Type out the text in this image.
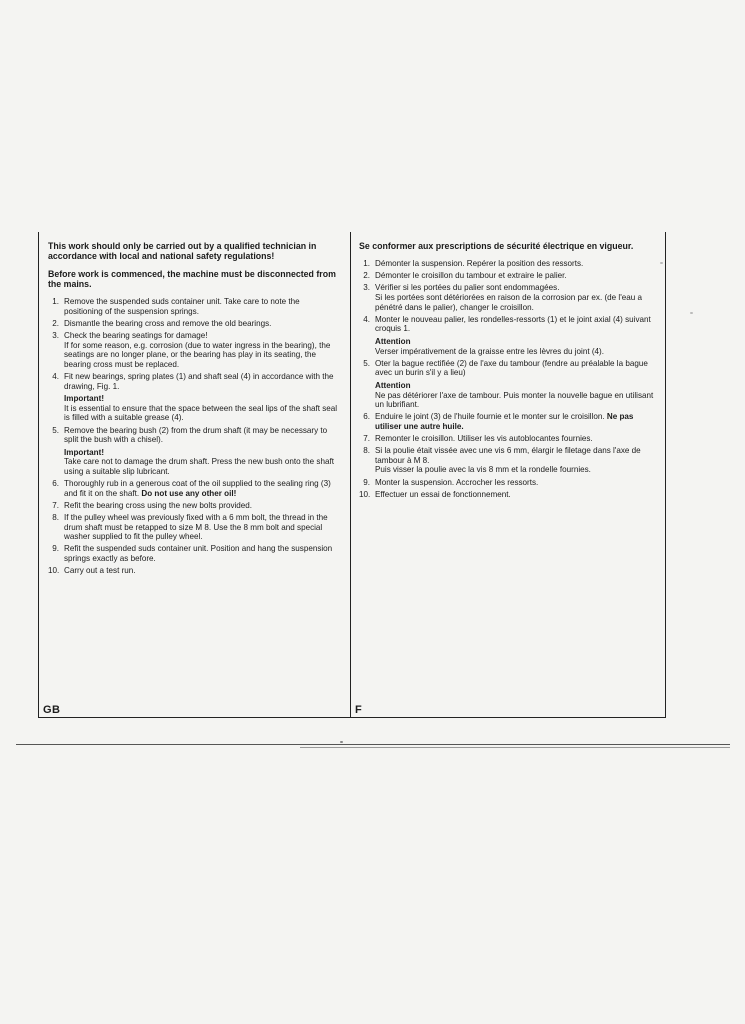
This work should only be carried out by a qualified technician in accordance with local and national safety regulations!

Before work is commenced, the machine must be disconnected from the mains.

1. Remove the suspended suds container unit. Take care to note the positioning of the suspension springs.
2. Dismantle the bearing cross and remove the old bearings.
3. Check the bearing seatings for damage!
If for some reason, e.g. corrosion (due to water ingress in the bearing), the seatings are no longer plane, or the bearing has play in its seating, the bearing cross must be replaced.
4. Fit new bearings, spring plates (1) and shaft seal (4) in accordance with the drawing, Fig. 1.
Important!
It is essential to ensure that the space between the seal lips of the shaft seal is filled with a suitable grease (4).
5. Remove the bearing bush (2) from the drum shaft (it may be necessary to split the bush with a chisel).
Important!
Take care not to damage the drum shaft. Press the new bush onto the shaft using a suitable slip lubricant.
6. Thoroughly rub in a generous coat of the oil supplied to the sealing ring (3) and fit it on the shaft. Do not use any other oil!
7. Refit the bearing cross using the new bolts provided.
8. If the pulley wheel was previously fixed with a 6 mm bolt, the thread in the drum shaft must be retapped to size M 8. Use the 8 mm bolt and special washer supplied to fit the pulley wheel.
9. Refit the suspended suds container unit. Position and hang the suspension springs exactly as before.
10. Carry out a test run.

Se conformer aux prescriptions de sécurité électrique en vigueur.

1. Démonter la suspension. Repérer la position des ressorts.
2. Démonter le croisillon du tambour et extraire le palier.
3. Vérifier si les portées du palier sont endommagées.
Si les portées sont détériorées en raison de la corrosion par ex. (de l'eau a pénétré dans le palier), changer le croisillon.
4. Monter le nouveau palier, les rondelles-ressorts (1) et le joint axial (4) suivant croquis 1.
Attention
Verser impérativement de la graisse entre les lèvres du joint (4).
5. Oter la bague rectifiée (2) de l'axe du tambour (fendre au préalable la bague avec un burin s'il y a lieu)
Attention
Ne pas détériorer l'axe de tambour. Puis monter la nouvelle bague en utilisant un lubrifiant.
6. Enduire le joint (3) de l'huile fournie et le monter sur le croisillon. Ne pas utiliser une autre huile.
7. Remonter le croisillon. Utiliser les vis autoblocantes fournies.
8. Si la poulie était vissée avec une vis 6 mm, élargir le filetage dans l'axe de tambour à M 8.
Puis visser la poulie avec la vis 8 mm et la rondelle fournies.
9. Monter la suspension. Accrocher les ressorts.
10. Effectuer un essai de fonctionnement.
GB	F
